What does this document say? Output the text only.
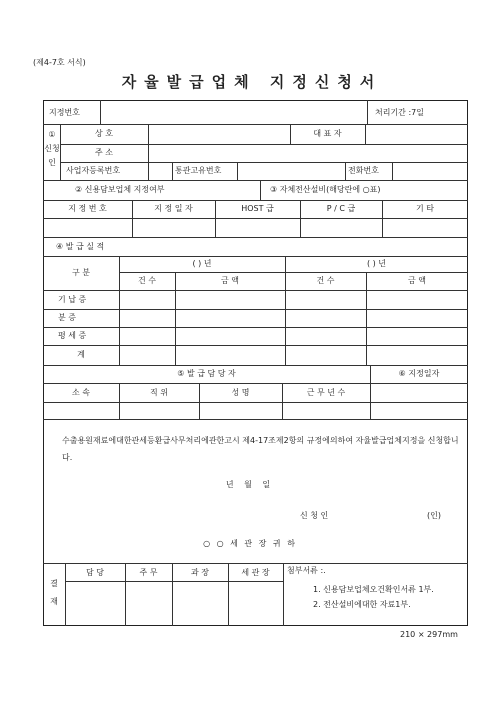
(제4-7호 서식)
자율발급업체 지정신청서
지정번호	처리기간 :7일
① 신청인
상 호	대 표 자
주 소
사업자등록번호	통관고유번호	전화번호
② 신용담보업체 지정여부	③ 자체전산설비(해당란에 ○표)
지 정 번 호	지 정 일 자	HOST 급	P / C 급	기 타
④ 발 급 실 적
구 분
( ) 년	( ) 년
건 수	금 액	건 수	금 액
기 납 증
분 증
평 세 증
계
⑤ 발 급 담 당 자	⑥ 지정일자
소 속	직 위	성 명	근 무 년 수
수출용원재료에대한관세등환급사무처리에관한고시 제4-17조제2항의 규정에의하여 자율발급업체지정을 신청합니다.
년 월 일
신 청 인	(인)
○ ○ 세 관 장 귀 하
결재
담 당	주 무	과 장	세 관 장	첨부서류 :.
1. 신용담보업체오건확인서류 1부.
2. 전산설비에대한 자료1부.
210 × 297mm
